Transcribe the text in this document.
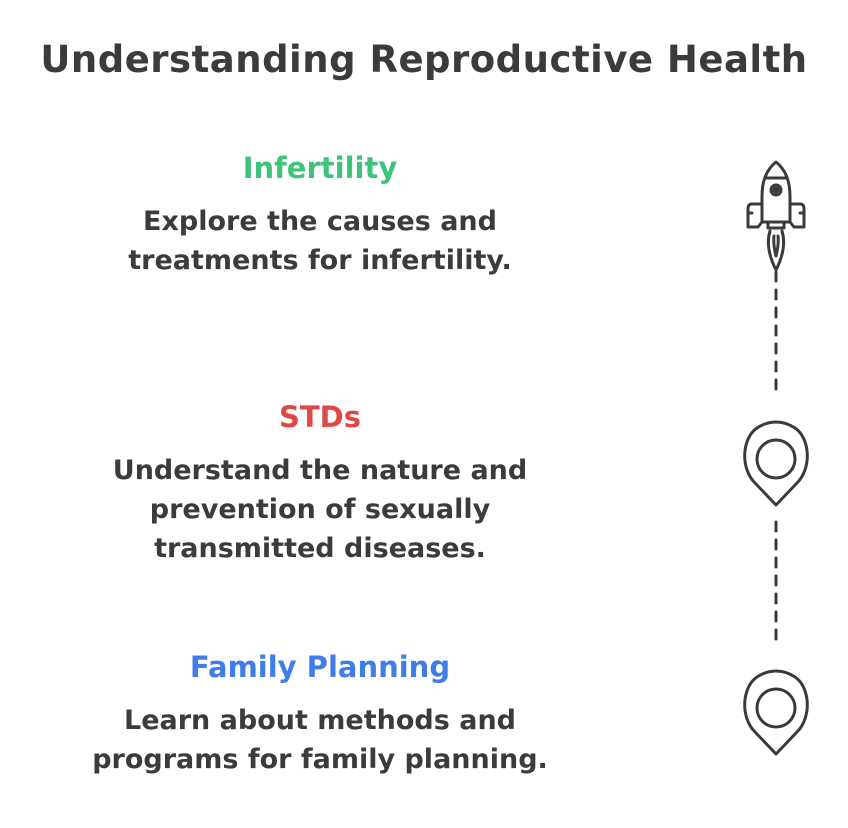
Understanding Reproductive Health
Infertility
Explore the causes and treatments for infertility.
STDs
Understand the nature and prevention of sexually transmitted diseases.
Family Planning
Learn about methods and programs for family planning.
